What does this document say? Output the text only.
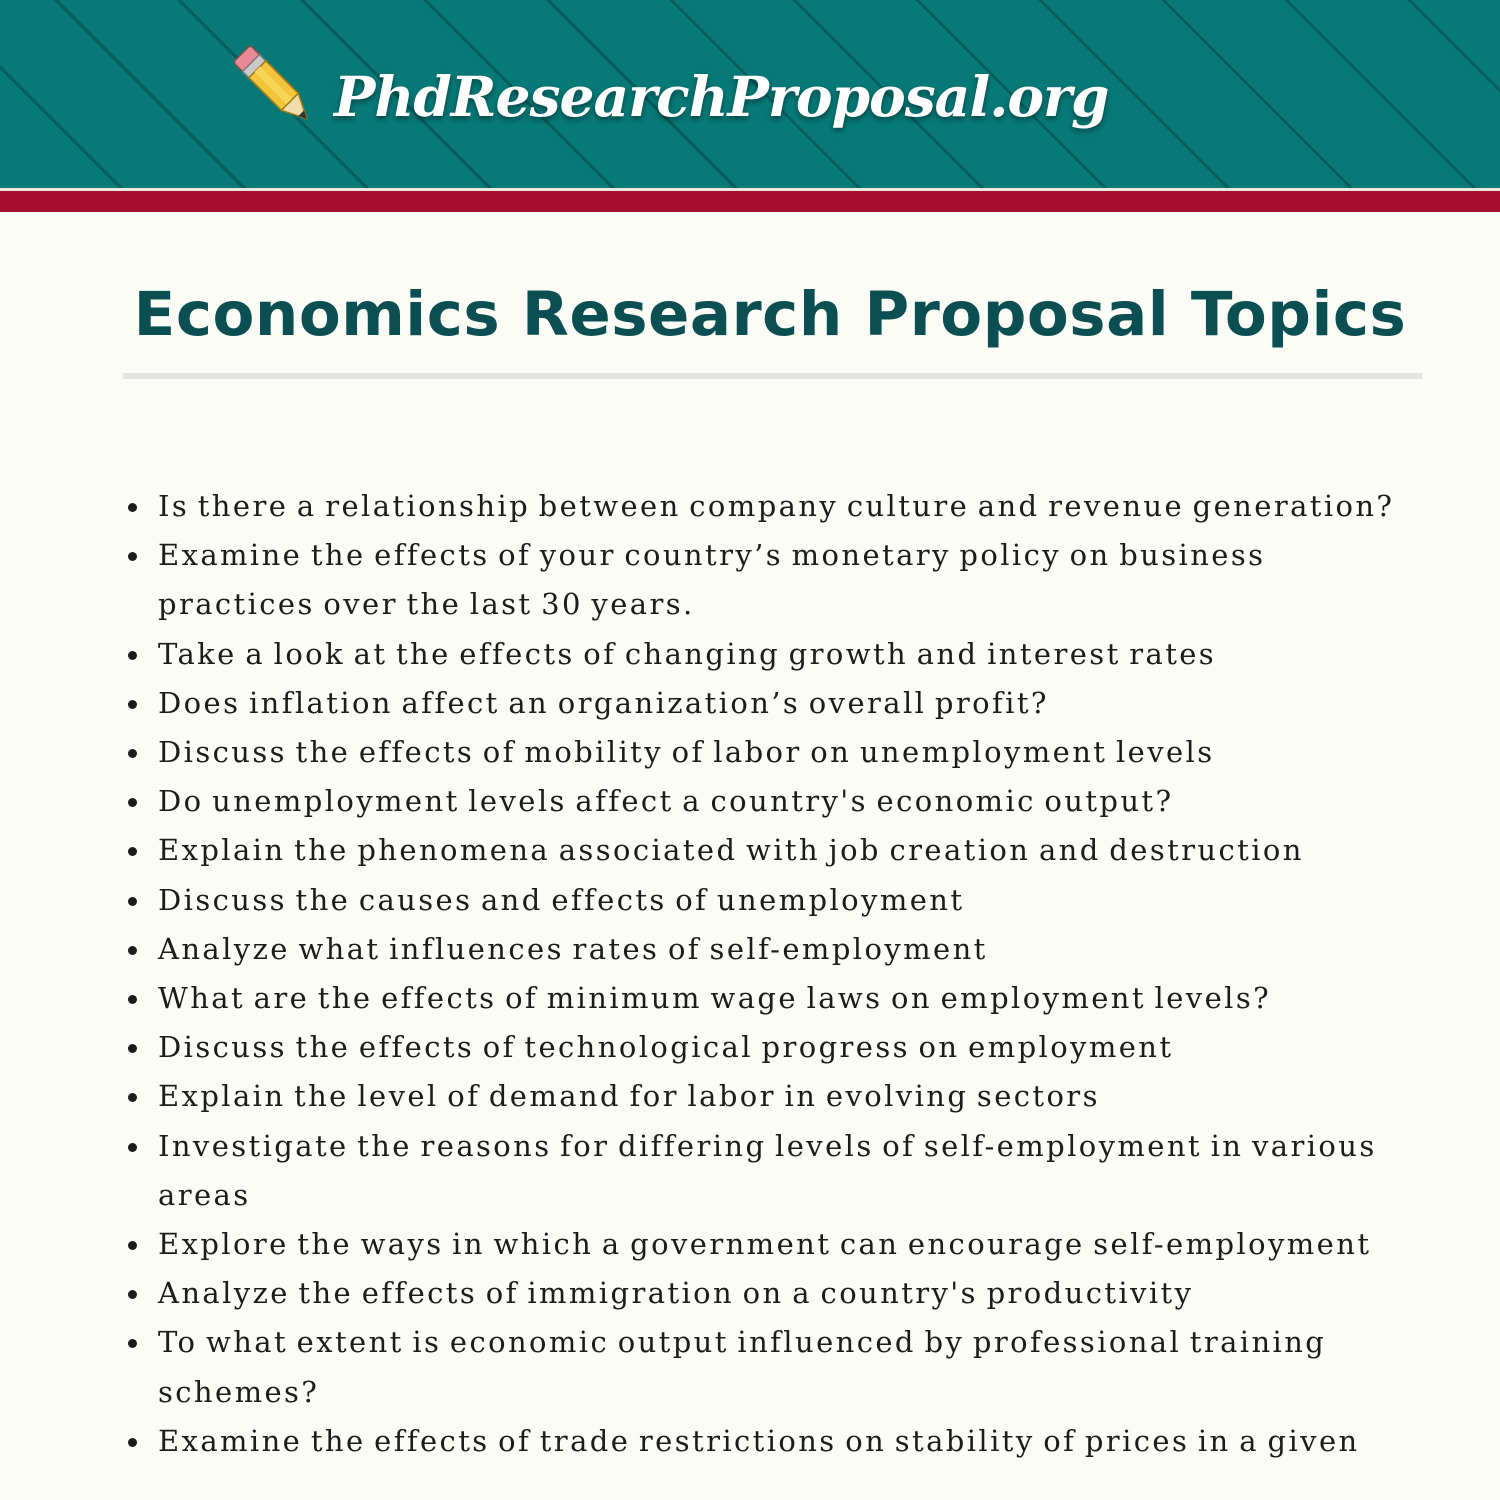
PhdResearchProposal.org
Economics Research Proposal Topics
Is there a relationship between company culture and revenue generation?
Examine the effects of your country’s monetary policy on business practices over the last 30 years.
Take a look at the effects of changing growth and interest rates
Does inflation affect an organization’s overall profit?
Discuss the effects of mobility of labor on unemployment levels
Do unemployment levels affect a country's economic output?
Explain the phenomena associated with job creation and destruction
Discuss the causes and effects of unemployment
Analyze what influences rates of self-employment
What are the effects of minimum wage laws on employment levels?
Discuss the effects of technological progress on employment
Explain the level of demand for labor in evolving sectors
Investigate the reasons for differing levels of self-employment in various areas
Explore the ways in which a government can encourage self-employment
Analyze the effects of immigration on a country's productivity
To what extent is economic output influenced by professional training schemes?
Examine the effects of trade restrictions on stability of prices in a given
